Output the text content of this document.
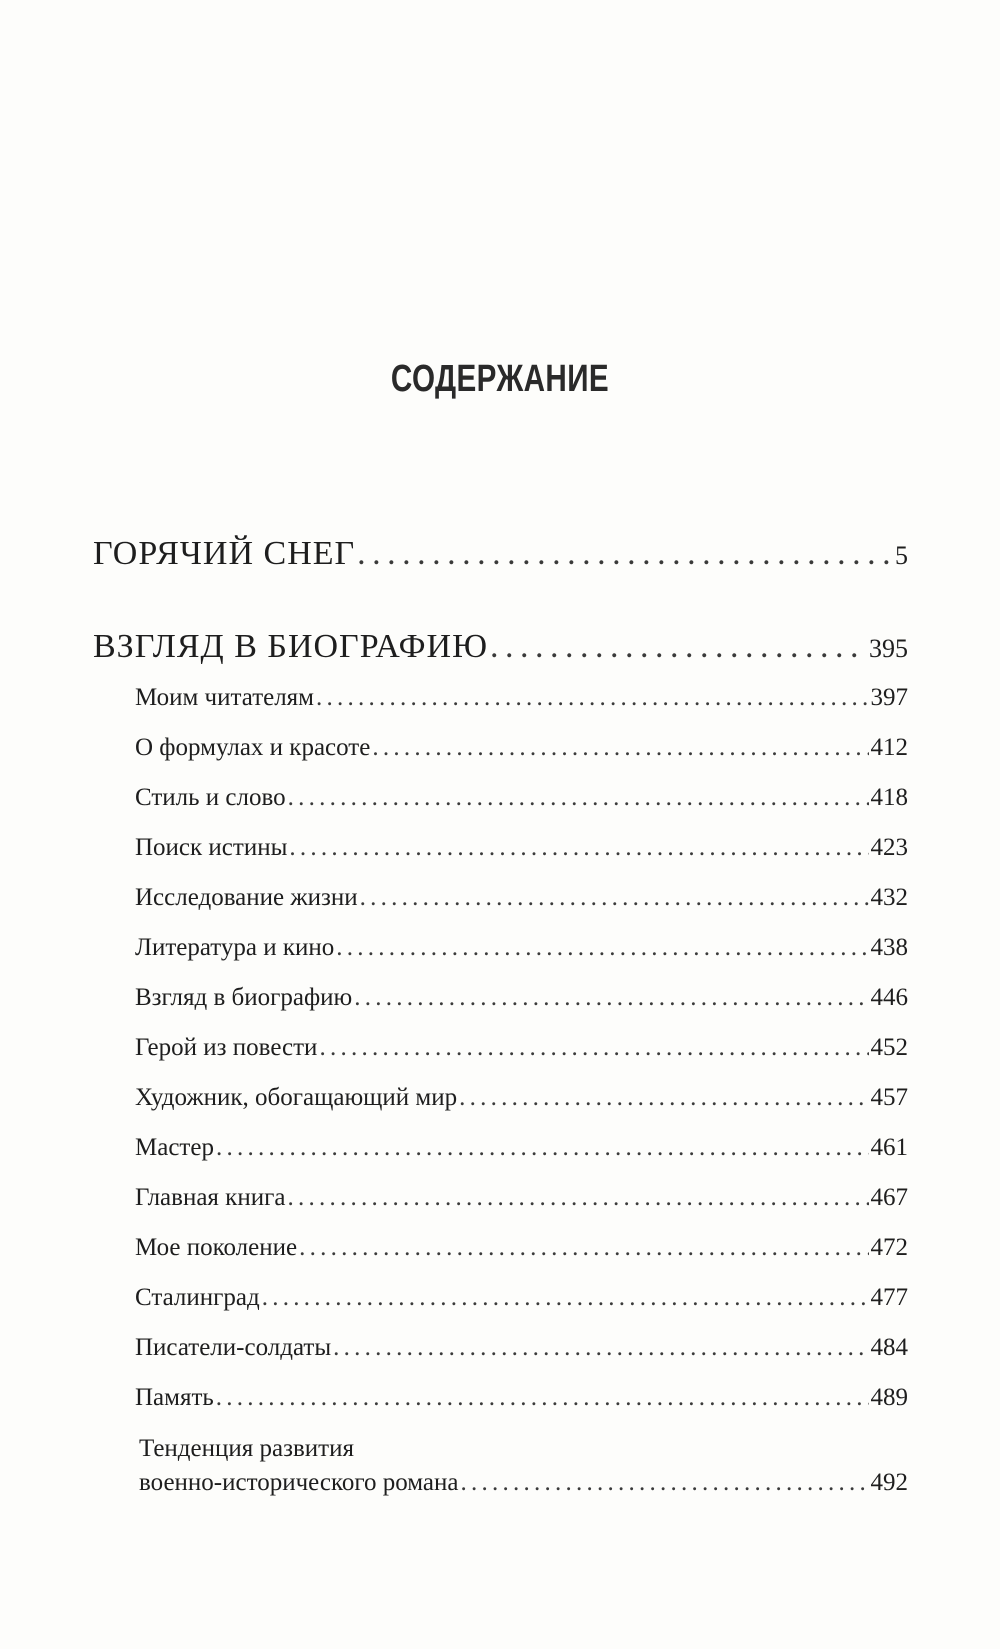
СОДЕРЖАНИЕ
ГОРЯЧИЙ СНЕГ . . .	5
ВЗГЛЯД В БИОГРАФИЮ . . .	395
Моим читателям . . .	397
О формулах и красоте . . .	412
Стиль и слово . . .	418
Поиск истины . . .	423
Исследование жизни . . .	432
Литература и кино . . .	438
Взгляд в биографию . . .	446
Герой из повести . . .	452
Художник, обогащающий мир . . .	457
Мастер . . .	461
Главная книга . . .	467
Мое поколение . . .	472
Сталинград . . .	477
Писатели-солдаты . . .	484
Память . . .	489
Тенденция развития
военно-исторического романа . . .	492
